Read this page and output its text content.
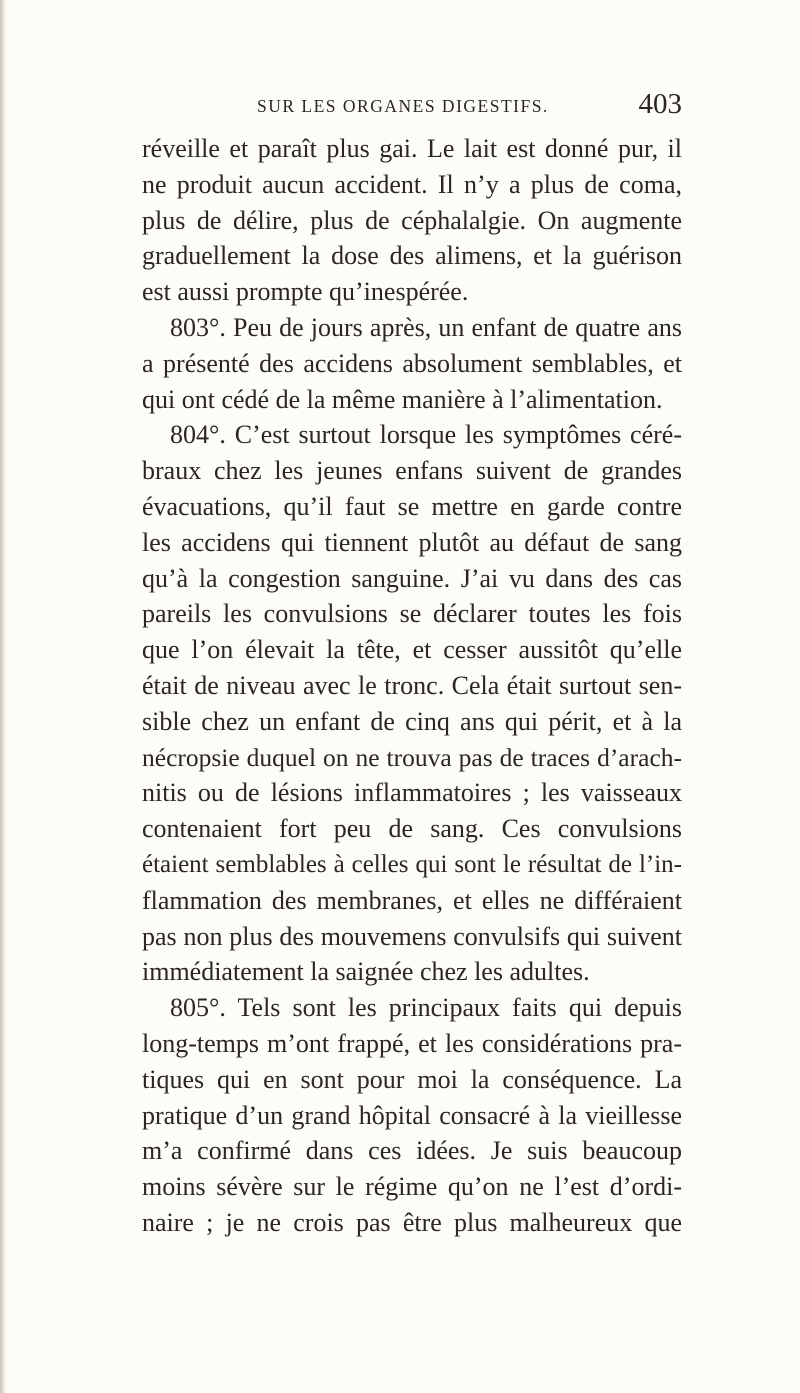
SUR LES ORGANES DIGESTIFS.	403
réveille et paraît plus gai. Le lait est donné pur, il
ne produit aucun accident. Il n’y a plus de coma,
plus de délire, plus de céphalalgie. On augmente
graduellement la dose des alimens, et la guérison
est aussi prompte qu’inespérée.
803°. Peu de jours après, un enfant de quatre ans
a présenté des accidens absolument semblables, et
qui ont cédé de la même manière à l’alimentation.
804°. C’est surtout lorsque les symptômes céré-
braux chez les jeunes enfans suivent de grandes
évacuations, qu’il faut se mettre en garde contre
les accidens qui tiennent plutôt au défaut de sang
qu’à la congestion sanguine. J’ai vu dans des cas
pareils les convulsions se déclarer toutes les fois
que l’on élevait la tête, et cesser aussitôt qu’elle
était de niveau avec le tronc. Cela était surtout sen-
sible chez un enfant de cinq ans qui périt, et à la
nécropsie duquel on ne trouva pas de traces d’arach-
nitis ou de lésions inflammatoires ; les vaisseaux
contenaient fort peu de sang. Ces convulsions
étaient semblables à celles qui sont le résultat de l’in-
flammation des membranes, et elles ne différaient
pas non plus des mouvemens convulsifs qui suivent
immédiatement la saignée chez les adultes.
805°. Tels sont les principaux faits qui depuis
long-temps m’ont frappé, et les considérations pra-
tiques qui en sont pour moi la conséquence. La
pratique d’un grand hôpital consacré à la vieillesse
m’a confirmé dans ces idées. Je suis beaucoup
moins sévère sur le régime qu’on ne l’est d’ordi-
naire ; je ne crois pas être plus malheureux que
